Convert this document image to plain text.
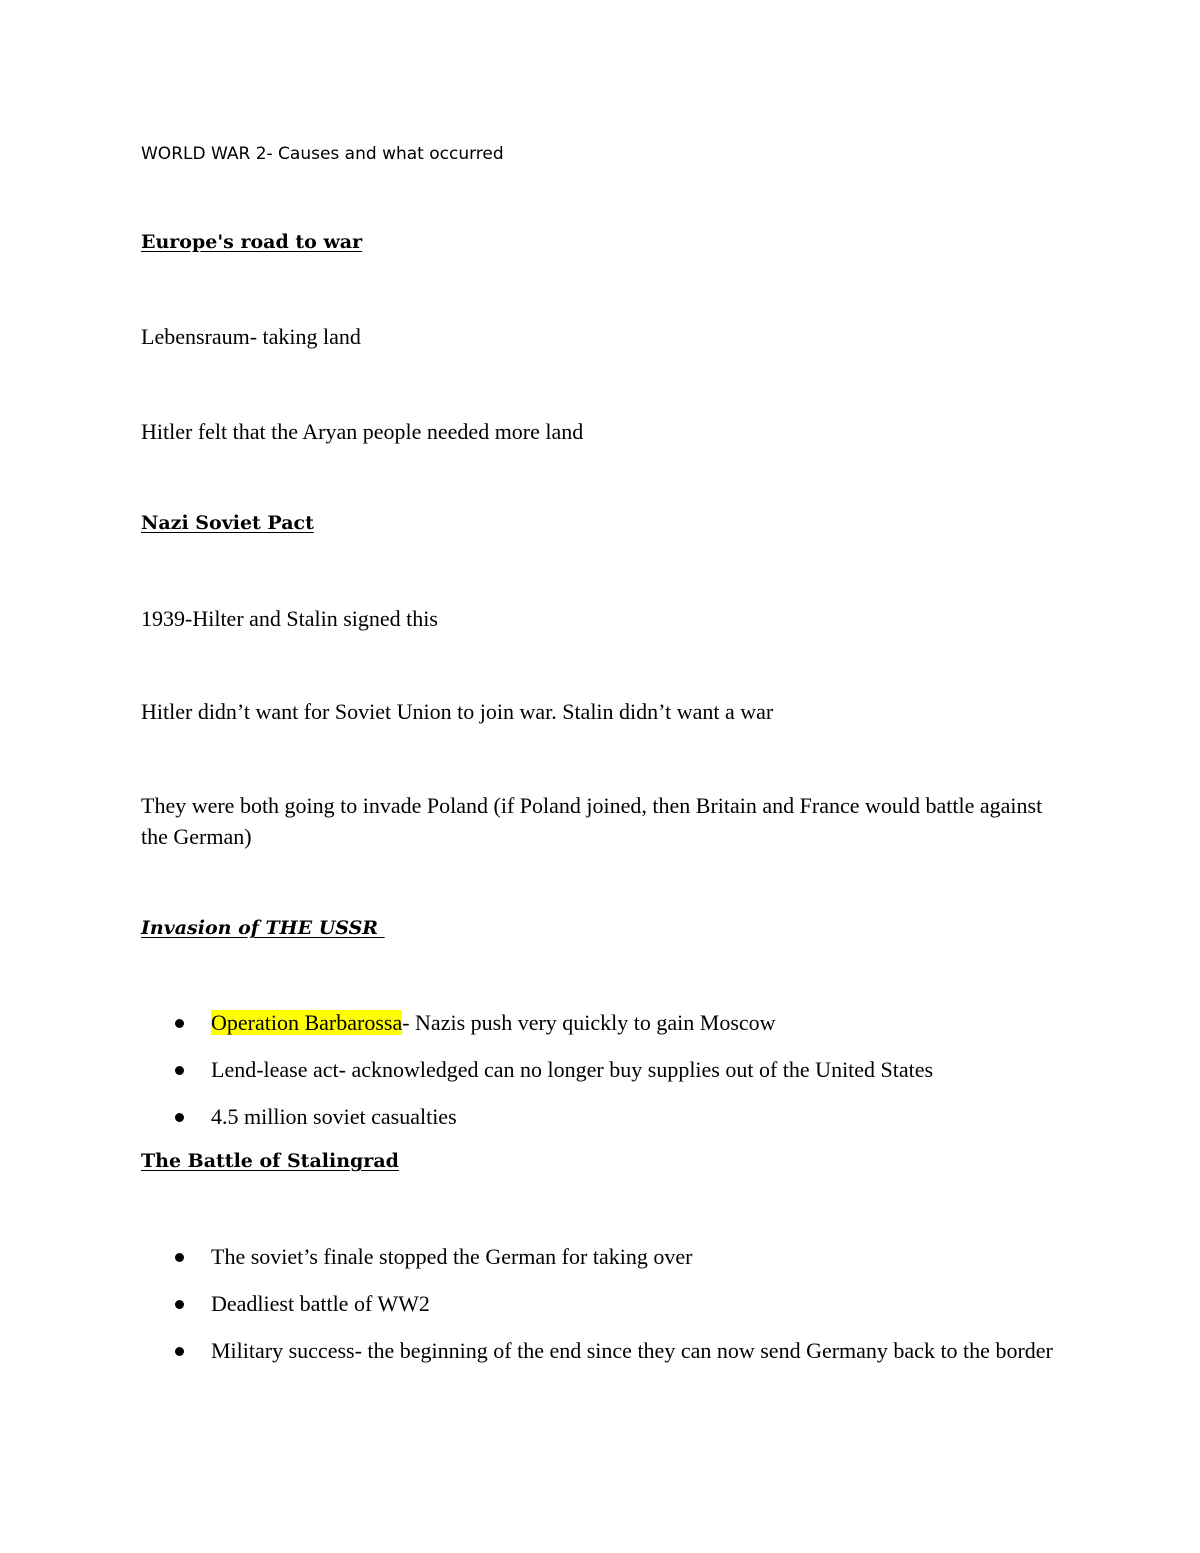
WORLD WAR 2- Causes and what occurred
Europe's road to war
Lebensraum- taking land
Hitler felt that the Aryan people needed more land
Nazi Soviet Pact
1939-Hilter and Stalin signed this
Hitler didn’t want for Soviet Union to join war. Stalin didn’t want a war
They were both going to invade Poland (if Poland joined, then Britain and France would battle against the German)
Invasion of THE USSR
Operation Barbarossa- Nazis push very quickly to gain Moscow
Lend-lease act- acknowledged can no longer buy supplies out of the United States
4.5 million soviet casualties
The Battle of Stalingrad
The soviet’s finale stopped the German for taking over
Deadliest battle of WW2
Military success- the beginning of the end since they can now send Germany back to the border
